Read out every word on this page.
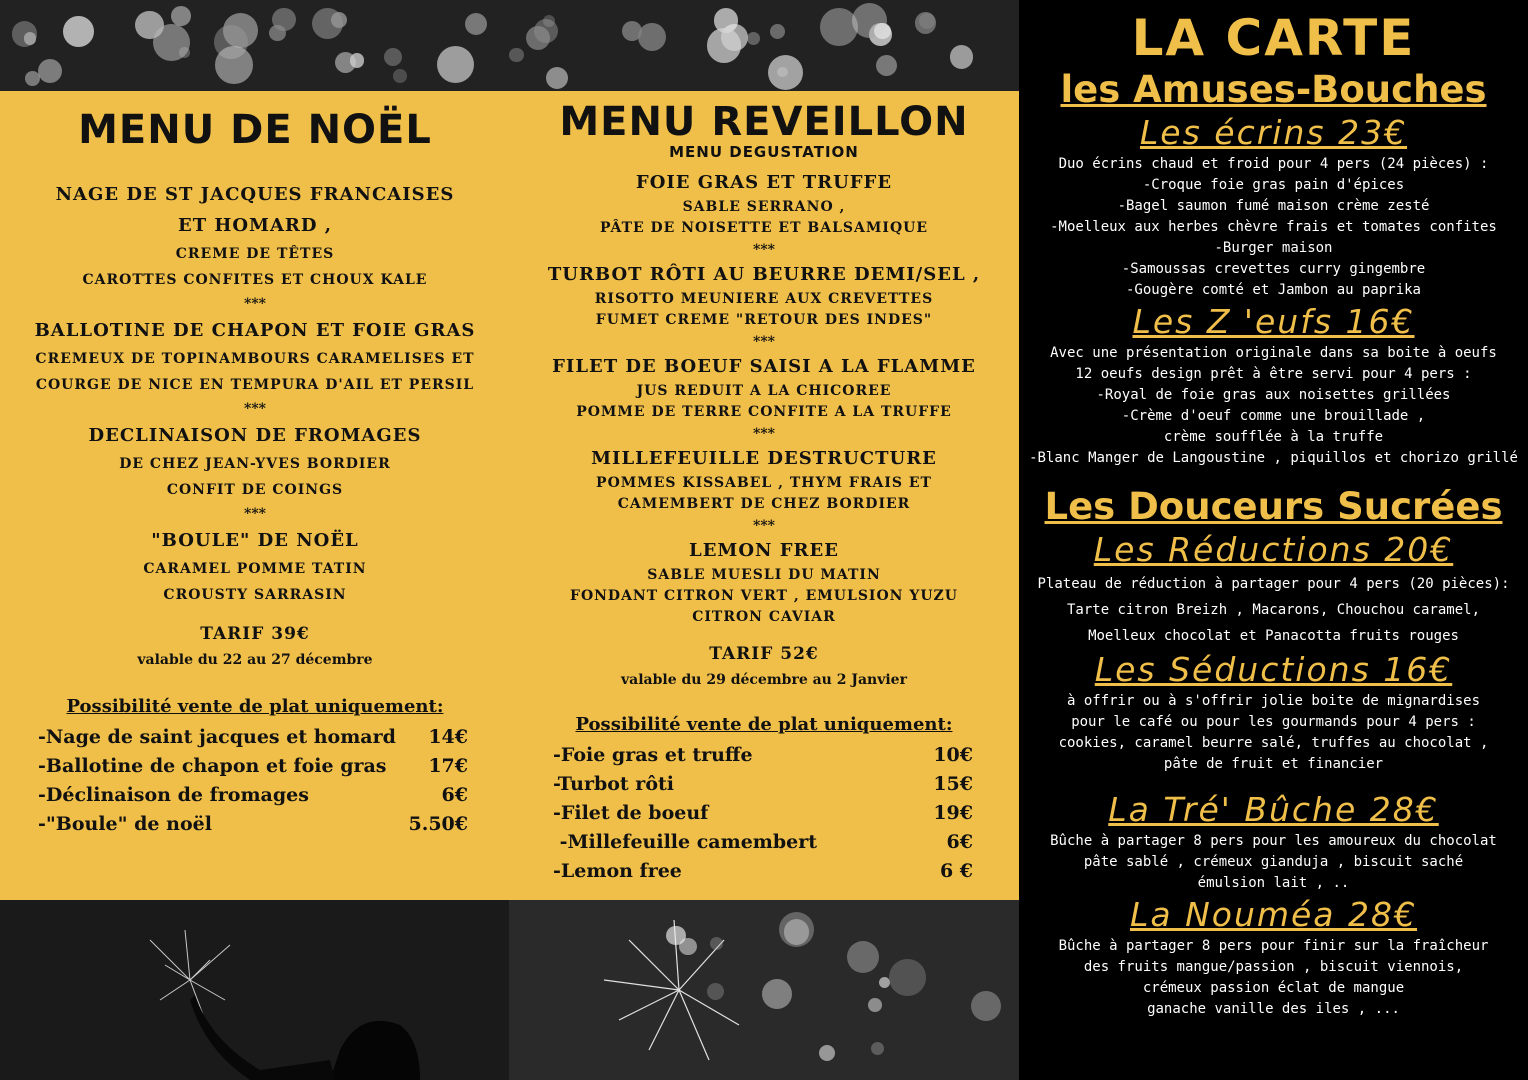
MENU DE NOËL
NAGE DE ST JACQUES FRANCAISES
ET HOMARD ,
CREME DE TÊTES
CAROTTES CONFITES ET CHOUX KALE
***
BALLOTINE DE CHAPON ET FOIE GRAS
CREMEUX DE TOPINAMBOURS CARAMELISES ET
COURGE DE NICE EN TEMPURA D'AIL ET PERSIL
***
DECLINAISON DE FROMAGES
DE CHEZ JEAN-YVES BORDIER
CONFIT DE COINGS
***
"BOULE" DE NOËL
CARAMEL POMME TATIN
CROUSTY SARRASIN
TARIF 39€
valable du 22 au 27 décembre
Possibilité vente de plat uniquement:
-Nage de saint jacques et homard 14€
-Ballotine de chapon et foie gras 17€
-Déclinaison de fromages	6€
-"Boule" de noël	5.50€
MENU REVEILLON
MENU DEGUSTATION
FOIE GRAS ET TRUFFE
SABLE SERRANO ,
PÂTE DE NOISETTE ET BALSAMIQUE
***
TURBOT RÔTI AU BEURRE DEMI/SEL ,
RISOTTO MEUNIERE AUX CREVETTES
FUMET CREME "RETOUR DES INDES"
***
FILET DE BOEUF SAISI A LA FLAMME
JUS REDUIT A LA CHICOREE
POMME DE TERRE CONFITE A LA TRUFFE
***
MILLEFEUILLE DESTRUCTURE
POMMES KISSABEL , THYM FRAIS ET
CAMEMBERT DE CHEZ BORDIER
***
LEMON FREE
SABLE MUESLI DU MATIN
FONDANT CITRON VERT , EMULSION YUZU
CITRON CAVIAR
TARIF 52€
valable du 29 décembre au 2 Janvier
Possibilité vente de plat uniquement:
-Foie gras et truffe	10€
-Turbot rôti	15€
-Filet de boeuf	19€
-Millefeuille camembert	6€
-Lemon free	6 €
LA CARTE
les Amuses-Bouches
Les écrins 23€
Duo écrins chaud et froid pour 4 pers (24 pièces) :
-Croque foie gras pain d'épices
-Bagel saumon fumé maison crème zesté
-Moelleux aux herbes chèvre frais et tomates confites
-Burger maison
-Samoussas crevettes curry gingembre
-Gougère comté et Jambon au paprika
Les Z 'eufs 16€
Avec une présentation originale dans sa boite à oeufs
12 oeufs design prêt à être servi pour 4 pers :
-Royal de foie gras aux noisettes grillées
-Crème d'oeuf comme une brouillade ,
crème soufflée à la truffe
-Blanc Manger de Langoustine , piquillos et chorizo grillé
Les Douceurs Sucrées
Les Réductions 20€
Plateau de réduction à partager pour 4 pers (20 pièces):
Tarte citron Breizh , Macarons, Chouchou caramel,
Moelleux chocolat et Panacotta fruits rouges
Les Séductions 16€
à offrir ou à s'offrir jolie boite de mignardises
pour le café ou pour les gourmands pour 4 pers :
cookies, caramel beurre salé, truffes au chocolat ,
pâte de fruit et financier
La Tré' Bûche 28€
Bûche à partager 8 pers pour les amoureux du chocolat
pâte sablé , crémeux gianduja , biscuit saché
émulsion lait , ..
La Nouméa 28€
Bûche à partager 8 pers pour finir sur la fraîcheur
des fruits mangue/passion , biscuit viennois,
crémeux passion éclat de mangue
ganache vanille des iles , ...
